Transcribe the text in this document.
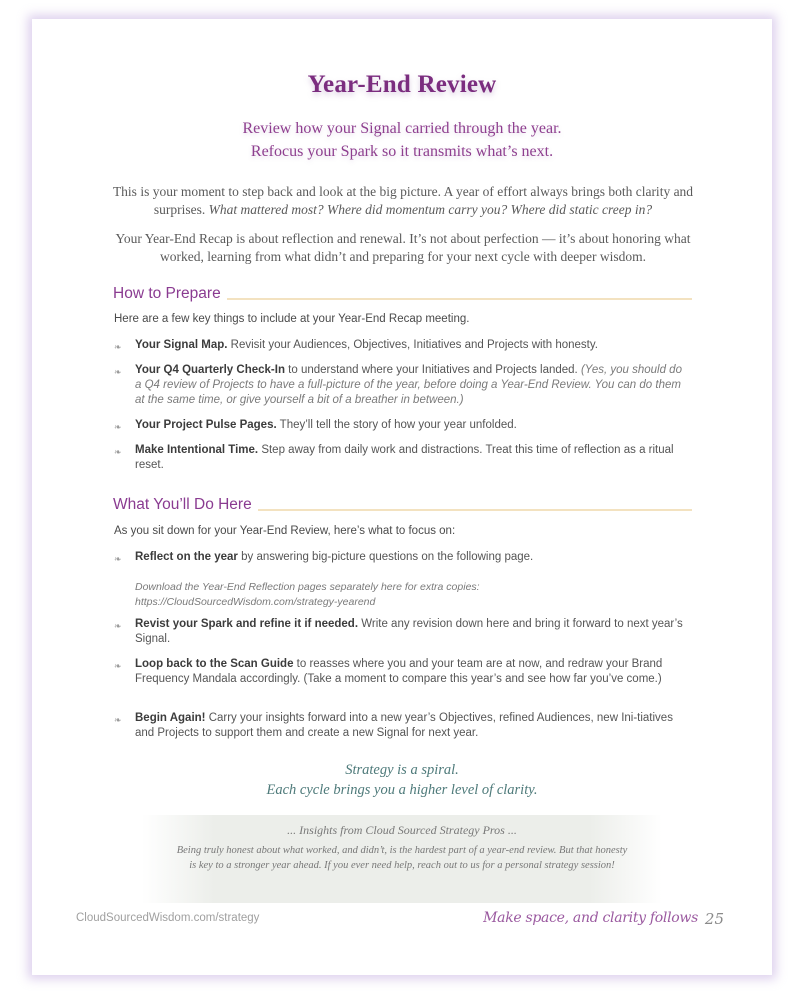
Year-End Review
Review how your Signal carried through the year.
Refocus your Spark so it transmits what’s next.

This is your moment to step back and look at the big picture. A year of effort always brings both clarity and surprises. What mattered most? Where did momentum carry you? Where did static creep in?

Your Year-End Recap is about reflection and renewal. It’s not about perfection — it’s about honoring what worked, learning from what didn’t and preparing for your next cycle with deeper wisdom.

How to Prepare
Here are a few key things to include at your Year-End Recap meeting.
❧	Your Signal Map. Revisit your Audiences, Objectives, Initiatives and Projects with honesty.
❧	Your Q4 Quarterly Check-In to understand where your Initiatives and Projects landed. (Yes, you should do a Q4 review of Projects to have a full-picture of the year, before doing a Year-End Review. You can do them at the same time, or give yourself a bit of a breather in between.)
❧	Your Project Pulse Pages. They’ll tell the story of how your year unfolded.
❧	Make Intentional Time. Step away from daily work and distractions. Treat this time of reflection as a ritual reset.
What You’ll Do Here
As you sit down for your Year-End Review, here’s what to focus on:
❧	Reflect on the year by answering big-picture questions on the following page.
Download the Year-End Reflection pages separately here for extra copies:
https://CloudSourcedWisdom.com/strategy-yearend
❧	Revist your Spark and refine it if needed. Write any revision down here and bring it forward to next year’s Signal.
❧	Loop back to the Scan Guide to reasses where you and your team are at now, and redraw your Brand Frequency Mandala accordingly. (Take a moment to compare this year’s and see how far you’ve come.)
❧	Begin Again! Carry your insights forward into a new year’s Objectives, refined Audiences, new Ini-tiatives and Projects to support them and create a new Signal for next year.
Strategy is a spiral.
Each cycle brings you a higher level of clarity.
... Insights from Cloud Sourced Strategy Pros ...
Being truly honest about what worked, and didn’t, is the hardest part of a year-end review. But that honesty is key to a stronger year ahead. If you ever need help, reach out to us for a personal strategy session!
CloudSourcedWisdom.com/strategy	Make space, and clarity follows 25
